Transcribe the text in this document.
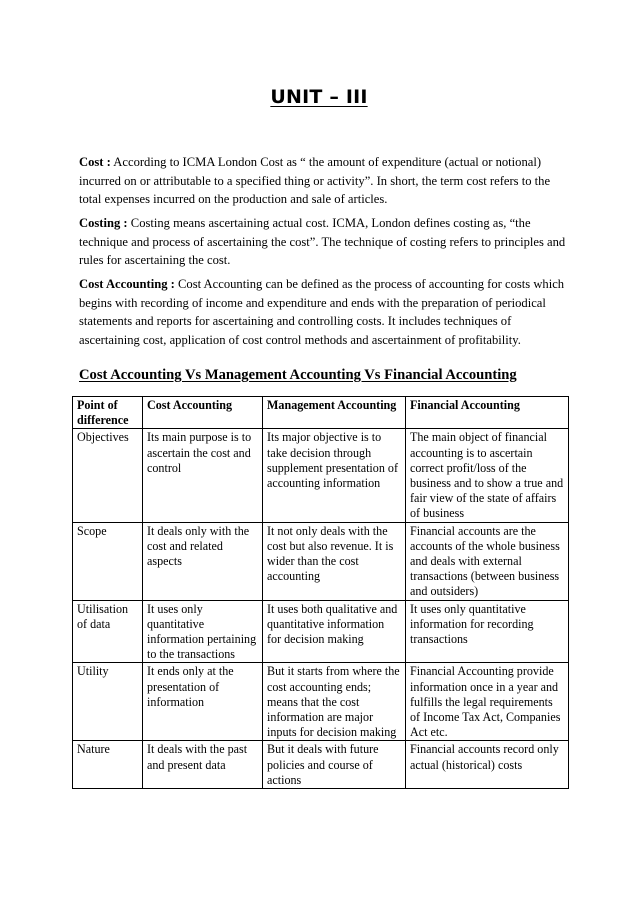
UNIT – III

Cost : According to ICMA London Cost as “ the amount of expenditure (actual or notional) incurred on or attributable to a specified thing or activity”. In short, the term cost refers to the total expenses incurred on the production and sale of articles.

Costing : Costing means ascertaining actual cost. ICMA, London defines costing as, “the technique and process of ascertaining the cost”. The technique of costing refers to principles and rules for ascertaining the cost.

Cost Accounting : Cost Accounting can be defined as the process of accounting for costs which begins with recording of income and expenditure and ends with the preparation of periodical statements and reports for ascertaining and controlling costs. It includes techniques of ascertaining cost, application of cost control methods and ascertainment of profitability.

Cost Accounting Vs Management Accounting Vs Financial Accounting
Point of difference	Cost Accounting	Management Accounting	Financial Accounting
Objectives	Its main purpose is to ascertain the cost and control	Its major objective is to take decision through supplement presentation of accounting information	The main object of financial accounting is to ascertain correct profit/loss of the business and to show a true and fair view of the state of affairs of business
Scope	It deals only with the cost and related aspects	It not only deals with the cost but also revenue. It is wider than the cost accounting	Financial accounts are the accounts of the whole business and deals with external transactions (between business and outsiders)
Utilisation of data	It uses only quantitative information pertaining to the transactions	It uses both qualitative and quantitative information for decision making	It uses only quantitative information for recording transactions
Utility	It ends only at the presentation of information	But it starts from where the cost accounting ends; means that the cost information are major inputs for decision making	Financial Accounting provide information once in a year and fulfills the legal requirements of Income Tax Act, Companies Act etc.
Nature	It deals with the past and present data	But it deals with future policies and course of actions	Financial accounts record only actual (historical) costs
